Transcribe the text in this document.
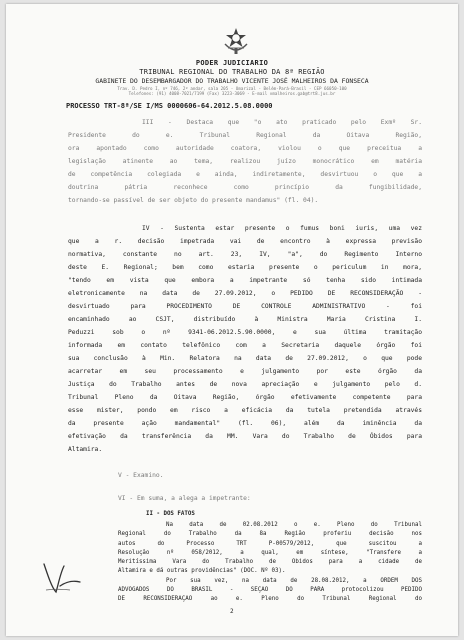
PODER JUDICIARIO
TRIBUNAL REGIONAL DO TRABALHO DA 8ª REGIÃO
GABINETE DO DESEMBARGADOR DO TRABALHO VICENTE JOSÉ MALHEIROS DA FONSECA
Trav. D. Pedro I, nº 746, 2º andar, sala 205 - Umarizal - Belém-Pará-Brasil - CEP 66050-100
Telefones: (91) 4008-7021/7199 (Fax) 3223-3069 - E-mail vmalheiros.gab@trt8.jus.br
PROCESSO TRT-8ª/SE I/MS 0000606-64.2012.5.08.0000
III - Destaca que "o ato praticado pelo Exmº Sr.
Presidente do e. Tribunal Regional da Oitava Região,
ora apontado como autoridade coatora, violou o que preceitua a
legislação atinente ao tema, realizou juízo monocrático em matéria
de competência colegiada e ainda, indiretamente, desvirtuou o que a
doutrina pátria reconhece como princípio da fungibilidade,
tornando-se passível de ser objeto do presente mandamus" (fl. 04).
IV - Sustenta estar presente o fumus boni iuris, uma vez
que a r. decisão impetrada vai de encontro à expressa previsão
normativa, constante no art. 23, IV, "a", do Regimento Interno
deste E. Regional; bem como estaria presente o periculum in mora,
"tendo em vista que embora a impetrante só tenha sido intimada
eletronicamente na data de 27.09.2012, o PEDIDO DE RECONSIDERAÇÃO -
desvirtuado para PROCEDIMENTO DE CONTROLE ADMINISTRATIVO - foi
encaminhado ao CSJT, distribuído à Ministra Maria Cristina I.
Peduzzi sob o nº 9341-06.2012.5.90.0000, e sua última tramitação
informada em contato telefônico com a Secretaria daquele órgão foi
sua conclusão à Min. Relatora na data de 27.09.2012, o que pode
acarretar em seu processamento e julgamento por este órgão da
Justiça do Trabalho antes de nova apreciação e julgamento pelo d.
Tribunal Pleno da Oitava Região, órgão efetivamente competente para
esse mister, pondo em risco a eficácia da tutela pretendida através
da presente ação mandamental" (fl. 06), além da iminência da
efetivação da transferência da MM. Vara do Trabalho de Óbidos para
Altamira.
V - Examino.
VI - Em suma, a alega a impetrante:
II - DOS FATOS
Na data de 02.08.2012 o e. Pleno do Tribunal
Regional do Trabalho da 8a Região proferiu decisão nos
autos do Processo TRT P-00579/2012, que suscitou a
Resolução nº 058/2012, a qual, em síntese, "Transfere a
Meritíssima Vara do Trabalho de Óbidos para a cidade de
Altamira e dá outras providências" (DOC. Nº 03).
Por sua vez, na data de 28.08.2012, a ORDEM DOS
ADVOGADOS DO BRASIL - SEÇÃO DO PARÁ protocolizou PEDIDO
DE RECONSIDERAÇÃO ao e. Pleno do Tribunal Regional do
2
